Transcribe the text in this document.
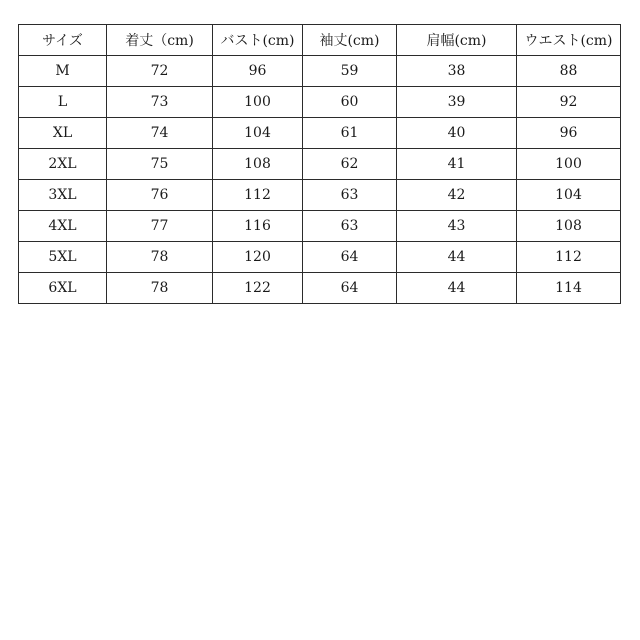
サイズ	着丈（cm)	バスト(cm)	袖丈(cm)	肩幅(cm)	ウエスト(cm)
M	72	96	59	38	88
L	73	100	60	39	92
XL	74	104	61	40	96
2XL	75	108	62	41	100
3XL	76	112	63	42	104
4XL	77	116	63	43	108
5XL	78	120	64	44	112
6XL	78	122	64	44	114
